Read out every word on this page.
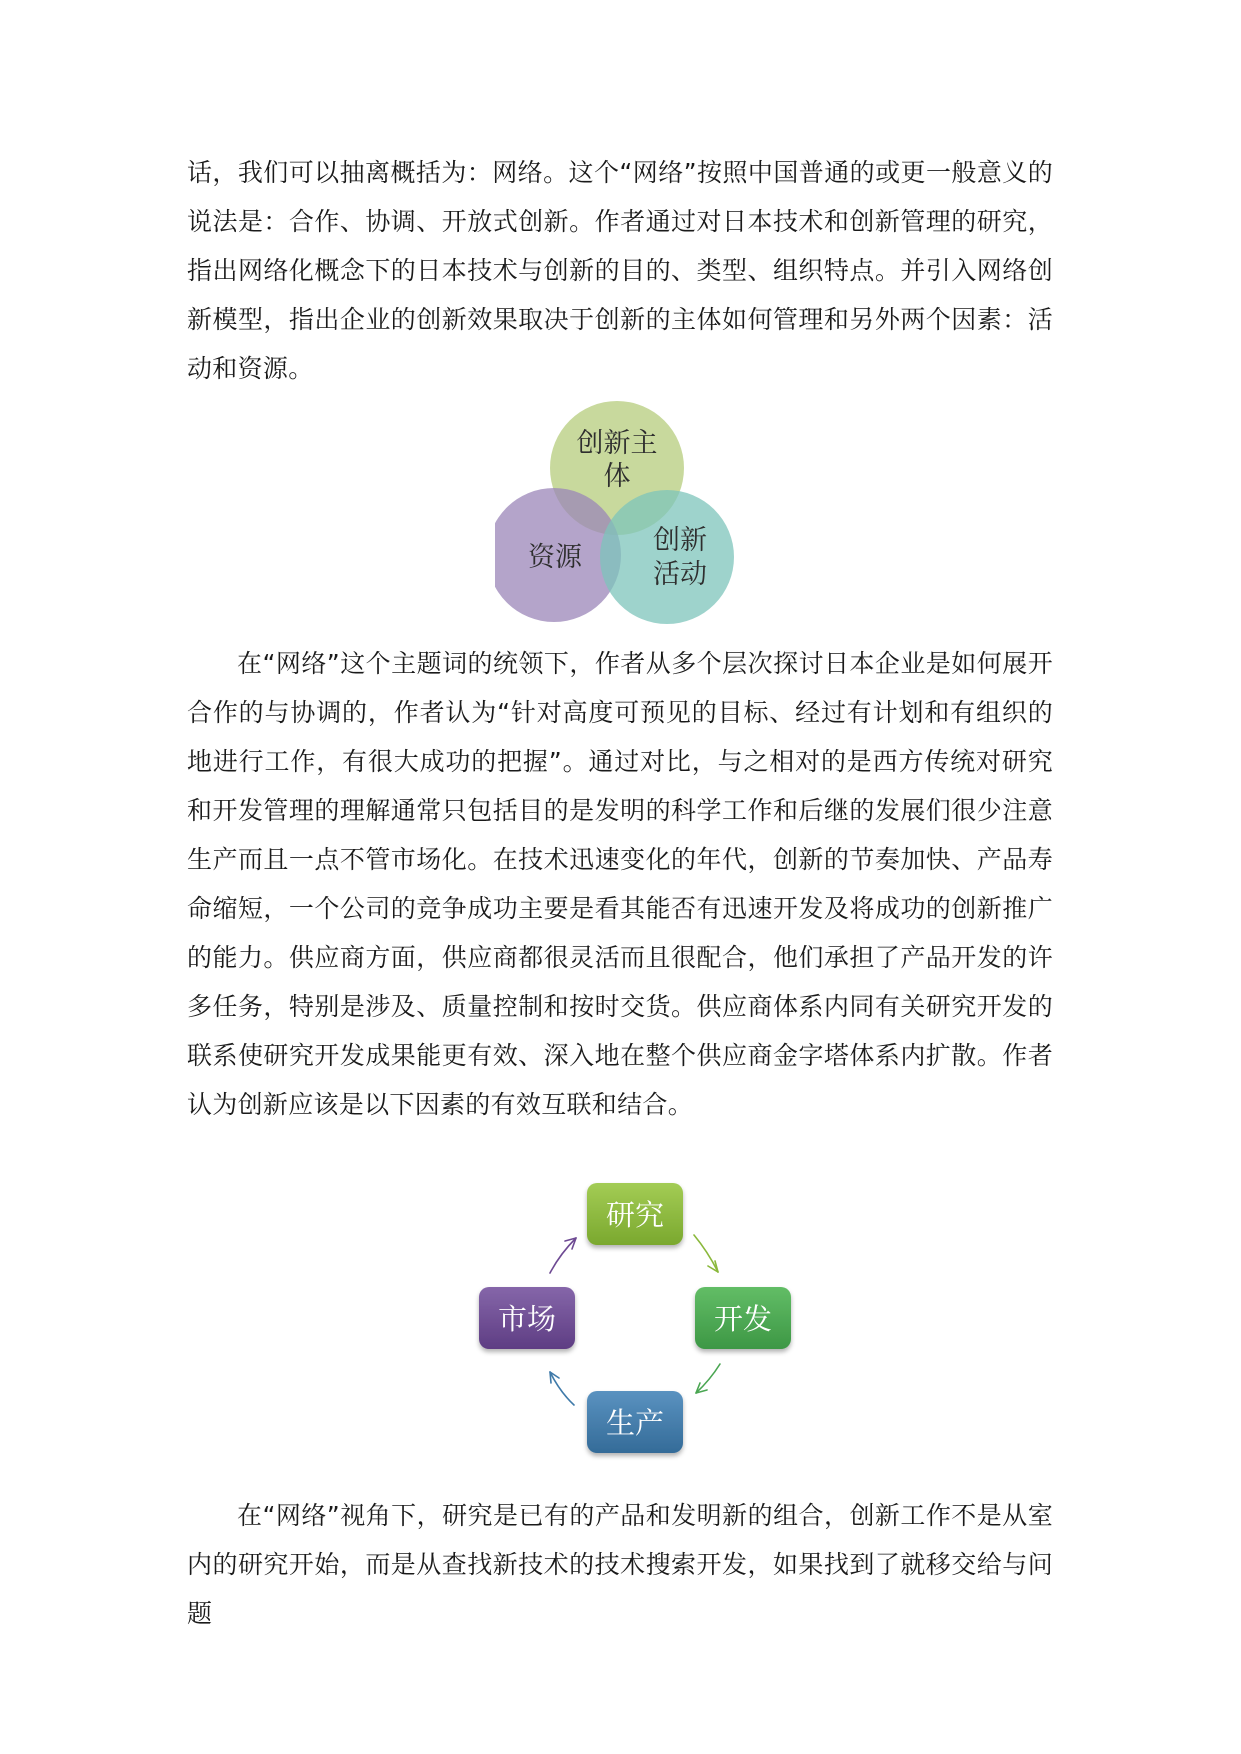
话，我们可以抽离概括为：网络。这个“网络”按照中国普通的或更一般意义的说法是：合作、协调、开放式创新。作者通过对日本技术和创新管理的研究，指出网络化概念下的日本技术与创新的目的、类型、组织特点。并引入网络创新模型，指出企业的创新效果取决于创新的主体如何管理和另外两个因素：活动和资源。

创新主
体
资源
创新
活动

在“网络”这个主题词的统领下，作者从多个层次探讨日本企业是如何展开合作的与协调的，作者认为“针对高度可预见的目标、经过有计划和有组织的地进行工作，有很大成功的把握”。通过对比，与之相对的是西方传统对研究和开发管理的理解通常只包括目的是发明的科学工作和后继的发展们很少注意生产而且一点不管市场化。在技术迅速变化的年代，创新的节奏加快、产品寿命缩短，一个公司的竞争成功主要是看其能否有迅速开发及将成功的创新推广的能力。供应商方面，供应商都很灵活而且很配合，他们承担了产品开发的许多任务，特别是涉及、质量控制和按时交货。供应商体系内同有关研究开发的联系使研究开发成果能更有效、深入地在整个供应商金字塔体系内扩散。作者认为创新应该是以下因素的有效互联和结合。

研究
开发
生产
市场

在“网络”视角下，研究是已有的产品和发明新的组合，创新工作不是从室内的研究开始，而是从查找新技术的技术搜索开发，如果找到了就移交给与问题
